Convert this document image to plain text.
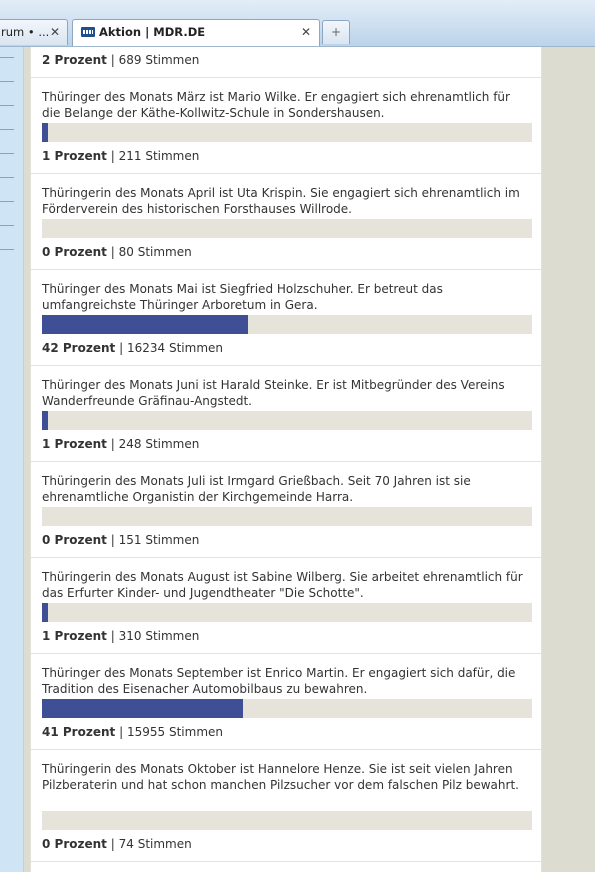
rum • ... ✕	Aktion | MDR.DE	✕	+
2 Prozent | 689 Stimmen
Thüringer des Monats März ist Mario Wilke. Er engagiert sich ehrenamtlich für die Belange der Käthe-Kollwitz-Schule in Sondershausen.
1 Prozent | 211 Stimmen
Thüringerin des Monats April ist Uta Krispin. Sie engagiert sich ehrenamtlich im Förderverein des historischen Forsthauses Willrode.
0 Prozent | 80 Stimmen
Thüringer des Monats Mai ist Siegfried Holzschuher. Er betreut das umfangreichste Thüringer Arboretum in Gera.
42 Prozent | 16234 Stimmen
Thüringer des Monats Juni ist Harald Steinke. Er ist Mitbegründer des Vereins Wanderfreunde Gräfinau-Angstedt.
1 Prozent | 248 Stimmen
Thüringerin des Monats Juli ist Irmgard Grießbach. Seit 70 Jahren ist sie ehrenamtliche Organistin der Kirchgemeinde Harra.
0 Prozent | 151 Stimmen
Thüringerin des Monats August ist Sabine Wilberg. Sie arbeitet ehrenamtlich für das Erfurter Kinder- und Jugendtheater "Die Schotte".
1 Prozent | 310 Stimmen
Thüringer des Monats September ist Enrico Martin. Er engagiert sich dafür, die Tradition des Eisenacher Automobilbaus zu bewahren.
41 Prozent | 15955 Stimmen
Thüringerin des Monats Oktober ist Hannelore Henze. Sie ist seit vielen Jahren Pilzberaterin und hat schon manchen Pilzsucher vor dem falschen Pilz bewahrt.
0 Prozent | 74 Stimmen
